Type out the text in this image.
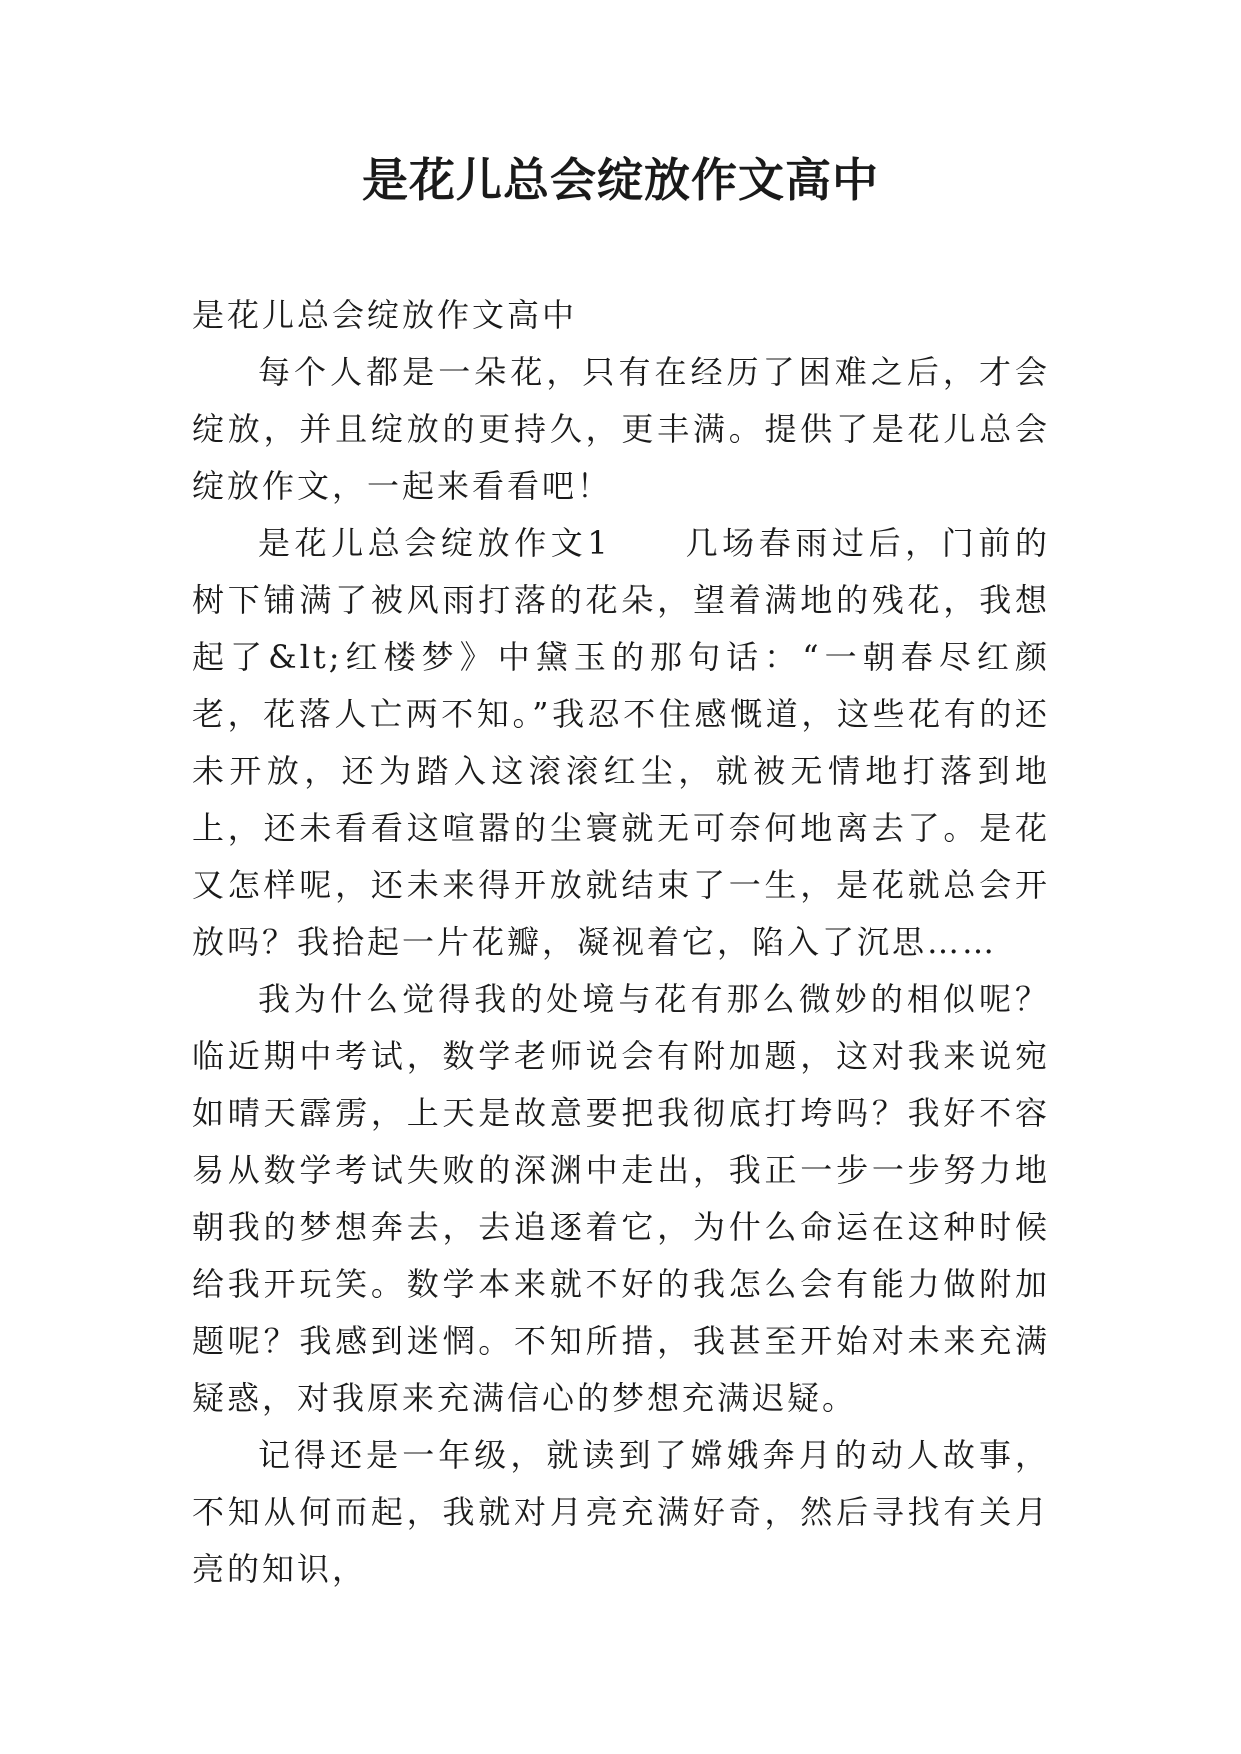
是花儿总会绽放作文高中

是花儿总会绽放作文高中

每个人都是一朵花，只有在经历了困难之后，才会绽放，并且绽放的更持久，更丰满。提供了是花儿总会绽放作文，一起来看看吧！

是花儿总会绽放作文1　　几场春雨过后，门前的树下铺满了被风雨打落的花朵，望着满地的残花，我想起了&lt;红楼梦》中黛玉的那句话：“一朝春尽红颜老，花落人亡两不知。”我忍不住感慨道，这些花有的还未开放，还为踏入这滚滚红尘，就被无情地打落到地上，还未看看这喧嚣的尘寰就无可奈何地离去了。是花又怎样呢，还未来得开放就结束了一生，是花就总会开放吗？我拾起一片花瓣，凝视着它，陷入了沉思……

我为什么觉得我的处境与花有那么微妙的相似呢？临近期中考试，数学老师说会有附加题，这对我来说宛如晴天霹雳，上天是故意要把我彻底打垮吗？我好不容易从数学考试失败的深渊中走出，我正一步一步努力地朝我的梦想奔去，去追逐着它，为什么命运在这种时候给我开玩笑。数学本来就不好的我怎么会有能力做附加题呢？我感到迷惘。不知所措，我甚至开始对未来充满疑惑，对我原来充满信心的梦想充满迟疑。

记得还是一年级，就读到了嫦娥奔月的动人故事，不知从何而起，我就对月亮充满好奇，然后寻找有关月亮的知识，
